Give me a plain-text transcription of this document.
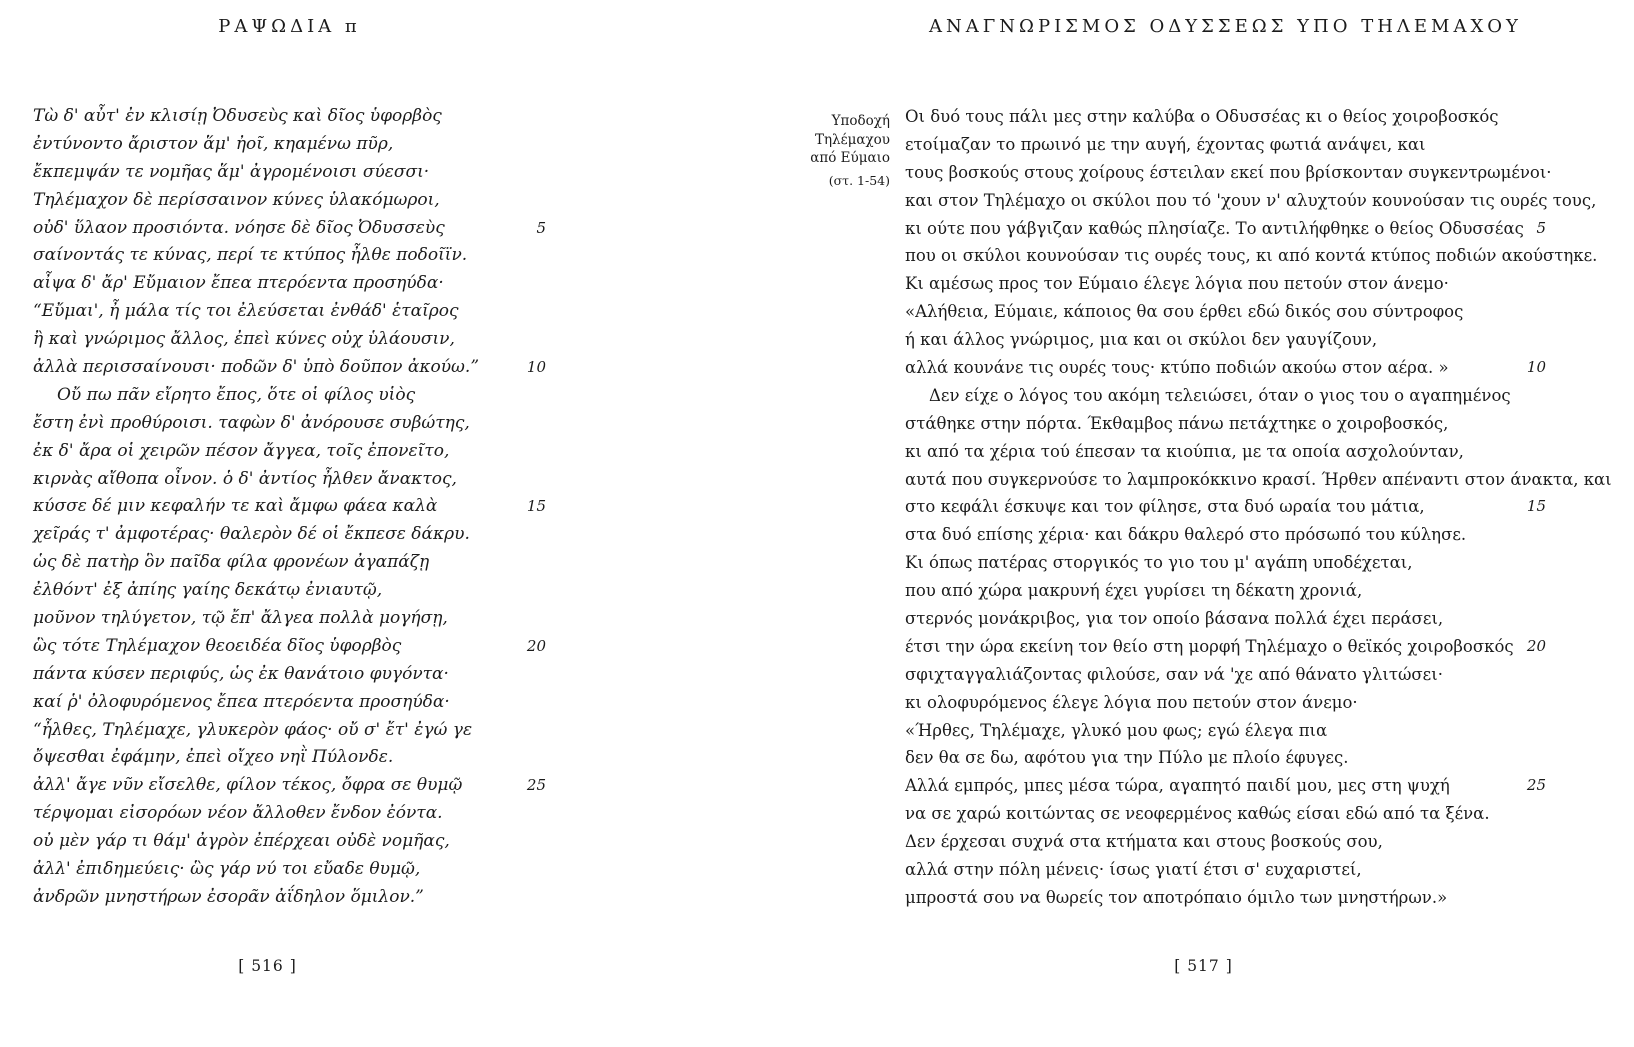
ΡΑΨΩΔΙΑ π
Τὼ δ' αὖτ' ἐν κλισίῃ Ὀδυσεὺς καὶ δῖος ὑφορβὸς
ἐντύνοντο ἄριστον ἅμ' ἠοῖ, κηαμένω πῦρ,
ἔκπεμψάν τε νομῆας ἅμ' ἀγρομένοισι σύεσσι·
Τηλέμαχον δὲ περίσσαινον κύνες ὑλακόμωροι,
οὐδ' ὕλαον προσιόντα. νόησε δὲ δῖος Ὀδυσσεὺς	5
σαίνοντάς τε κύνας, περί τε κτύπος ἦλθε ποδοῖϊν.
αἶψα δ' ἄρ' Εὔμαιον ἔπεα πτερόεντα προσηύδα·
“Εὔμαι', ἦ μάλα τίς τοι ἐλεύσεται ἐνθάδ' ἑταῖρος
ἢ καὶ γνώριμος ἄλλος, ἐπεὶ κύνες οὐχ ὑλάουσιν,
ἀλλὰ περισσαίνουσι· ποδῶν δ' ὑπὸ δοῦπον ἀκούω.”	10
Οὔ πω πᾶν εἴρητο ἔπος, ὅτε οἱ φίλος υἱὸς
ἔστη ἐνὶ προθύροισι. ταφὼν δ' ἀνόρουσε συβώτης,
ἐκ δ' ἄρα οἱ χειρῶν πέσον ἄγγεα, τοῖς ἐπονεῖτο,
κιρνὰς αἴθοπα οἶνον. ὁ δ' ἀντίος ἦλθεν ἄνακτος,
κύσσε δέ μιν κεφαλήν τε καὶ ἄμφω φάεα καλὰ	15
χεῖράς τ' ἀμφοτέρας· θαλερὸν δέ οἱ ἔκπεσε δάκρυ.
ὡς δὲ πατὴρ ὃν παῖδα φίλα φρονέων ἀγαπάζῃ
ἐλθόντ' ἐξ ἀπίης γαίης δεκάτῳ ἐνιαυτῷ,
μοῦνον τηλύγετον, τῷ ἔπ' ἄλγεα πολλὰ μογήσῃ,
ὣς τότε Τηλέμαχον θεοειδέα δῖος ὑφορβὸς	20
πάντα κύσεν περιφύς, ὡς ἐκ θανάτοιο φυγόντα·
καί ῥ' ὀλοφυρόμενος ἔπεα πτερόεντα προσηύδα·
“ἦλθες, Τηλέμαχε, γλυκερὸν φάος· οὔ σ' ἔτ' ἐγώ γε
ὄψεσθαι ἐφάμην, ἐπεὶ οἴχεο νηῒ Πύλονδε.
ἀλλ' ἄγε νῦν εἴσελθε, φίλον τέκος, ὄφρα σε θυμῷ	25
τέρψομαι εἰσορόων νέον ἄλλοθεν ἔνδον ἐόντα.
οὐ μὲν γάρ τι θάμ' ἀγρὸν ἐπέρχεαι οὐδὲ νομῆας,
ἀλλ' ἐπιδημεύεις· ὣς γάρ νύ τοι εὔαδε θυμῷ,
ἀνδρῶν μνηστήρων ἐσορᾶν ἀΐδηλον ὅμιλον.”
[ 516 ]
Υποδοχή
Τηλέμαχου
από Εύμαιο
(στ. 1-54)
ΑΝΑΓΝΩΡΙΣΜΟΣ ΟΔΥΣΣΕΩΣ ΥΠΟ ΤΗΛΕΜΑΧΟΥ
Οι δυό τους πάλι μες στην καλύβα ο Οδυσσέας κι ο θείος χοιροβοσκός
ετοίμαζαν το πρωινό με την αυγή, έχοντας φωτιά ανάψει, και
τους βοσκούς στους χοίρους έστειλαν εκεί που βρίσκονταν συγκεντρωμένοι·
και στον Τηλέμαχο οι σκύλοι που τό 'χουν ν' αλυχτούν κουνούσαν τις ουρές τους,
κι ούτε που γάβγιζαν καθώς πλησίαζε. Το αντιλήφθηκε ο θείος Οδυσσέας 5
που οι σκύλοι κουνούσαν τις ουρές τους, κι από κοντά κτύπος ποδιών ακούστηκε.
Κι αμέσως προς τον Εύμαιο έλεγε λόγια που πετούν στον άνεμο·
«Αλήθεια, Εύμαιε, κάποιος θα σου έρθει εδώ δικός σου σύντροφος
ή και άλλος γνώριμος, μια και οι σκύλοι δεν γαυγίζουν,
αλλά κουνάνε τις ουρές τους· κτύπο ποδιών ακούω στον αέρα. »	10
Δεν είχε ο λόγος του ακόμη τελειώσει, όταν ο γιος του ο αγαπημένος
στάθηκε στην πόρτα. Έκθαμβος πάνω πετάχτηκε ο χοιροβοσκός,
κι από τα χέρια τού έπεσαν τα κιούπια, με τα οποία ασχολούνταν,
αυτά που συγκερνούσε το λαμπροκόκκινο κρασί. Ήρθεν απέναντι στον άνακτα, και
στο κεφάλι έσκυψε και τον φίλησε, στα δυό ωραία του μάτια,	15
στα δυό επίσης χέρια· και δάκρυ θαλερό στο πρόσωπό του κύλησε.
Κι όπως πατέρας στοργικός το γιο του μ' αγάπη υποδέχεται,
που από χώρα μακρυνή έχει γυρίσει τη δέκατη χρονιά,
στερνός μονάκριβος, για τον οποίο βάσανα πολλά έχει περάσει,
έτσι την ώρα εκείνη τον θείο στη μορφή Τηλέμαχο ο θεϊκός χοιροβοσκός 20
σφιχταγγαλιάζοντας φιλούσε, σαν νά 'χε από θάνατο γλιτώσει·
κι ολοφυρόμενος έλεγε λόγια που πετούν στον άνεμο·
«Ήρθες, Τηλέμαχε, γλυκό μου φως; εγώ έλεγα πια
δεν θα σε δω, αφότου για την Πύλο με πλοίο έφυγες.
Αλλά εμπρός, μπες μέσα τώρα, αγαπητό παιδί μου, μες στη ψυχή	25
να σε χαρώ κοιτώντας σε νεοφερμένος καθώς είσαι εδώ από τα ξένα.
Δεν έρχεσαι συχνά στα κτήματα και στους βοσκούς σου,
αλλά στην πόλη μένεις· ίσως γιατί έτσι σ' ευχαριστεί,
μπροστά σου να θωρείς τον αποτρόπαιο όμιλο των μνηστήρων.»
[ 517 ]
